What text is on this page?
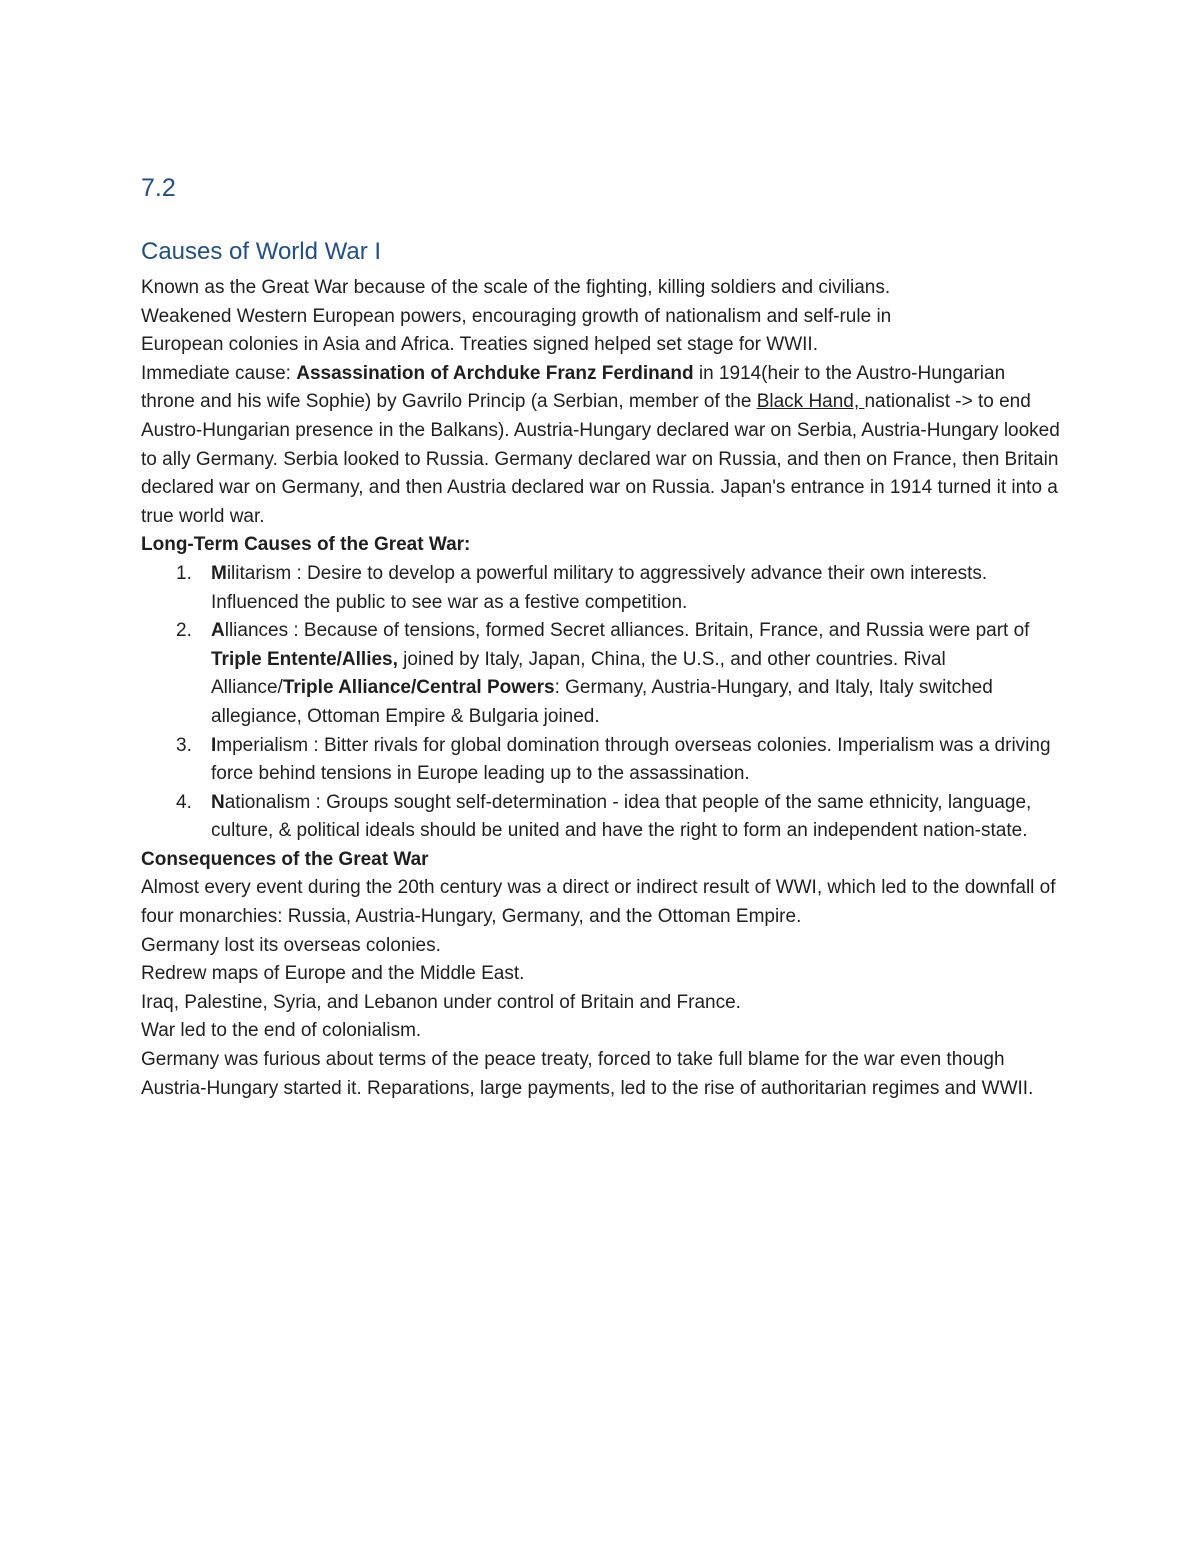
7.2
Causes of World War I

Known as the Great War because of the scale of the fighting, killing soldiers and civilians.

Weakened Western European powers, encouraging growth of nationalism and self-rule in

European colonies in Asia and Africa. Treaties signed helped set stage for WWII.

Immediate cause: Assassination of Archduke Franz Ferdinand in 1914(heir to the Austro-Hungarian throne and his wife Sophie) by Gavrilo Princip (a Serbian, member of the Black Hand, nationalist -> to end Austro-Hungarian presence in the Balkans). Austria-Hungary declared war on Serbia, Austria-Hungary looked to ally Germany. Serbia looked to Russia. Germany declared war on Russia, and then on France, then Britain declared war on Germany, and then Austria declared war on Russia. Japan's entrance in 1914 turned it into a true world war.

Long-Term Causes of the Great War:

1. Militarism : Desire to develop a powerful military to aggressively advance their own interests. Influenced the public to see war as a festive competition.
2. Alliances : Because of tensions, formed Secret alliances. Britain, France, and Russia were part of Triple Entente/Allies, joined by Italy, Japan, China, the U.S., and other countries. Rival Alliance/Triple Alliance/Central Powers: Germany, Austria-Hungary, and Italy, Italy switched allegiance, Ottoman Empire & Bulgaria joined.
3. Imperialism : Bitter rivals for global domination through overseas colonies. Imperialism was a driving force behind tensions in Europe leading up to the assassination.
4. Nationalism : Groups sought self-determination - idea that people of the same ethnicity, language, culture, & political ideals should be united and have the right to form an independent nation-state.

Consequences of the Great War

Almost every event during the 20th century was a direct or indirect result of WWI, which led to the downfall of four monarchies: Russia, Austria-Hungary, Germany, and the Ottoman Empire.

Germany lost its overseas colonies.

Redrew maps of Europe and the Middle East.

Iraq, Palestine, Syria, and Lebanon under control of Britain and France.

War led to the end of colonialism.

Germany was furious about terms of the peace treaty, forced to take full blame for the war even though Austria-Hungary started it. Reparations, large payments, led to the rise of authoritarian regimes and WWII.
